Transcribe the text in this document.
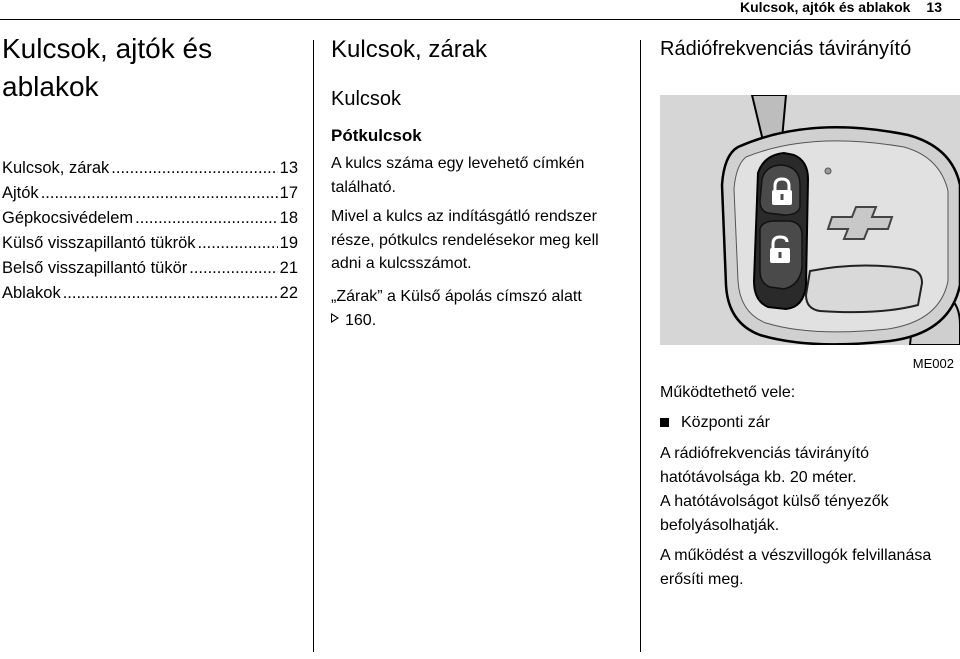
Kulcsok, ajtók és ablakok 13
Kulcsok, ajtók és ablakok
Kulcsok, zárak .....	13
Ajtók .....	17
Gépkocsivédelem .....	18
Külső visszapillantó tükrök .....	19
Belső visszapillantó tükör .....	21
Ablakok .....	22
Kulcsok, zárak
Kulcsok
Pótkulcsok

A kulcs száma egy levehető címkén található.

Mivel a kulcs az indításgátló rendszer része, pótkulcs rendelésekor meg kell adni a kulcsszámot.

„Zárak” a Külső ápolás címszó alatt
160.

Rádiófrekvenciás távirányító
ME002

Működtethető vele:

Központi zár

A rádiófrekvenciás távirányító hatótávolsága kb. 20 méter.

A hatótávolságot külső tényezők befolyásolhatják.

A működést a vészvillogók felvillanása erősíti meg.
